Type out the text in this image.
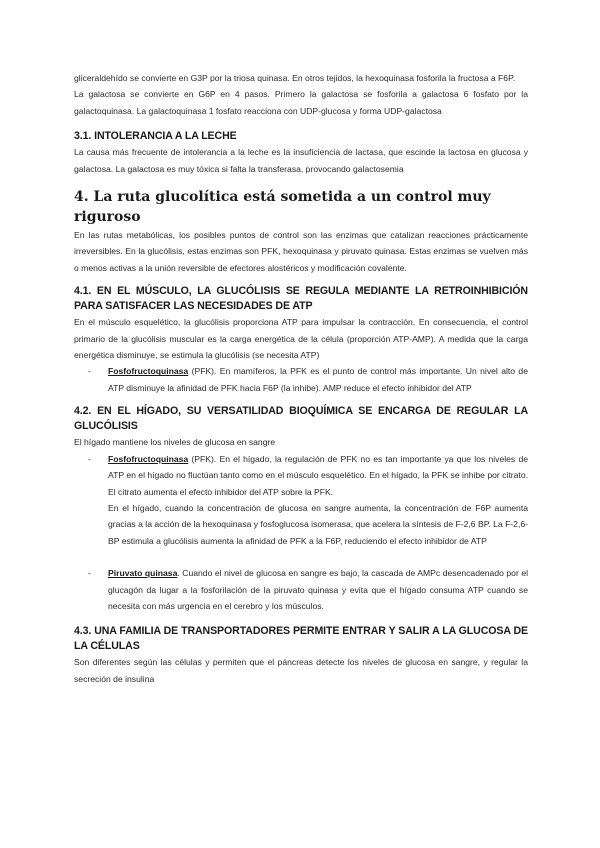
gliceraldehído se convierte en G3P por la triosa quinasa. En otros tejidos, la hexoquinasa fosforila la fructosa a F6P.

La galactosa se convierte en G6P en 4 pasos. Primero la galactosa se fosforila a galactosa 6 fosfato por la galactoquinasa. La galactoquinasa 1 fosfato reacciona con UDP-glucosa y forma UDP-galactosa

3.1. INTOLERANCIA A LA LECHE

La causa más frecuente de intolerancia a la leche es la insuficiencia de lactasa, que escinde la lactosa en glucosa y galactosa. La galactosa es muy tóxica si falta la transferasa, provocando galactosemia

4. La ruta glucolítica está sometida a un control muy riguroso

En las rutas metabólicas, los posibles puntos de control son las enzimas que catalizan reacciones prácticamente irreversibles. En la glucólisis, estas enzimas son PFK, hexoquinasa y piruvato quinasa. Estas enzimas se vuelven más o menos activas a la unión reversible de efectores alostéricos y modificación covalente.

4.1. EN EL MÚSCULO, LA GLUCÓLISIS SE REGULA MEDIANTE LA RETROINHIBICIÓN PARA SATISFACER LAS NECESIDADES DE ATP

En el músculo esquelético, la glucólisis proporciona ATP para impulsar la contracción. En consecuencia, el control primario de la glucólisis muscular es la carga energética de la célula (proporción ATP-AMP). A medida que la carga energética disminuye, se estimula la glucólisis (se necesita ATP)

-	Fosfofructoquinasa (PFK). En mamíferos, la PFK es el punto de control más importante. Un nivel alto de ATP disminuye la afinidad de PFK hacia F6P (la inhibe). AMP reduce el efecto inhibidor del ATP
4.2. EN EL HÍGADO, SU VERSATILIDAD BIOQUÍMICA SE ENCARGA DE REGULAR LA GLUCÓLISIS

El hígado mantiene los niveles de glucosa en sangre

-	Fosfofructoquinasa (PFK). En el hígado, la regulación de PFK no es tan importante ya que los niveles de ATP en el hígado no fluctúan tanto como en el músculo esquelético. En el hígado, la PFK se inhibe por citrato. El citrato aumenta el efecto inhibidor del ATP sobre la PFK.
En el hígado, cuando la concentración de glucosa en sangre aumenta, la concentración de F6P aumenta gracias a la acción de la hexoquinasa y fosfoglucosa isomerasa, que acelera la síntesis de F-2,6 BP. La F-2,6-BP estimula a glucólisis aumenta la afinidad de PFK a la F6P, reduciendo el efecto inhibidor de ATP
-	Piruvato quinasa. Cuando el nivel de glucosa en sangre es bajo, la cascada de AMPc desencadenado por el glucagón da lugar a la fosforilación de la piruvato quinasa y evita que el hígado consuma ATP cuando se necesita con más urgencia en el cerebro y los músculos.
4.3. UNA FAMILIA DE TRANSPORTADORES PERMITE ENTRAR Y SALIR A LA GLUCOSA DE LA CÉLULAS

Son diferentes según las células y permiten que el páncreas detecte los niveles de glucosa en sangre, y regular la secreción de insulina
